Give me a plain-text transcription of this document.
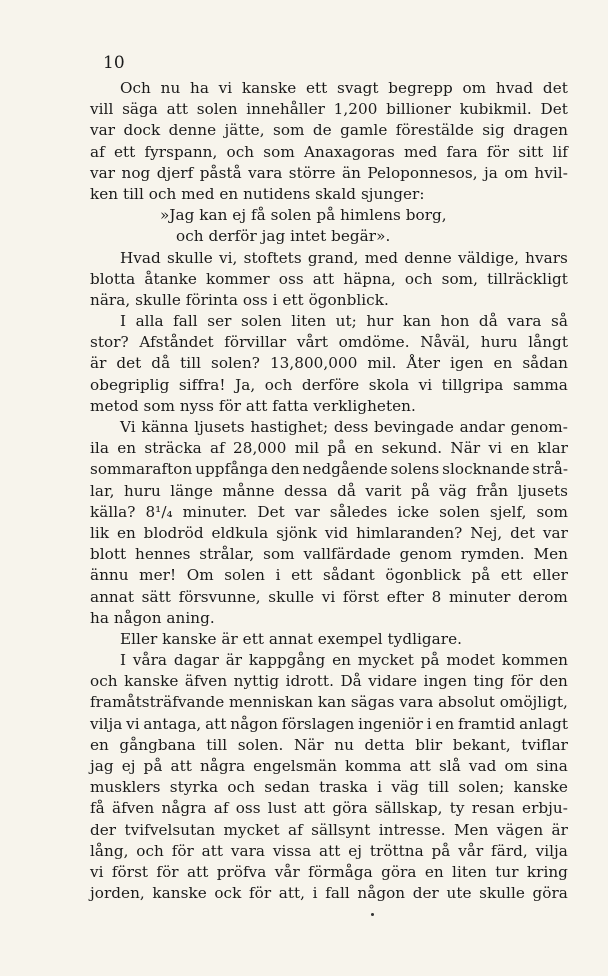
10
Och nu ha vi kanske ett svagt begrepp om hvad det
vill säga att solen innehåller 1,200 billioner kubikmil. Det
var dock denne jätte, som de gamle förestälde sig dragen
af ett fyrspann, och som Anaxagoras med fara för sitt lif
var nog djerf påstå vara större än Peloponnesos, ja om hvil-
ken till och med en nutidens skald sjunger:
»Jag kan ej få solen på himlens borg,
och derför jag intet begär».
Hvad skulle vi, stoftets grand, med denne väldige, hvars
blotta åtanke kommer oss att häpna, och som, tillräckligt
nära, skulle förinta oss i ett ögonblick.
I alla fall ser solen liten ut; hur kan hon då vara så
stor? Afståndet förvillar vårt omdöme. Nåväl, huru långt
är det då till solen? 13,800,000 mil. Åter igen en sådan
obegriplig siffra! Ja, och derföre skola vi tillgripa samma
metod som nyss för att fatta verkligheten.
Vi känna ljusets hastighet; dess bevingade andar genom-
ila en sträcka af 28,000 mil på en sekund. När vi en klar
sommarafton uppfånga den nedgående solens slocknande strå-
lar, huru länge månne dessa då varit på väg från ljusets
källa? 8¹/₄ minuter. Det var således icke solen sjelf, som
lik en blodröd eldkula sjönk vid himlaranden? Nej, det var
blott hennes strålar, som vallfärdade genom rymden. Men
ännu mer! Om solen i ett sådant ögonblick på ett eller
annat sätt försvunne, skulle vi först efter 8 minuter derom
ha någon aning.
Eller kanske är ett annat exempel tydligare.
I våra dagar är kappgång en mycket på modet kommen
och kanske äfven nyttig idrott. Då vidare ingen ting för den
framåtsträfvande menniskan kan sägas vara absolut omöjligt,
vilja vi antaga, att någon förslagen ingeniör i en framtid anlagt
en gångbana till solen. När nu detta blir bekant, tviflar
jag ej på att några engelsmän komma att slå vad om sina
musklers styrka och sedan traska i väg till solen; kanske
få äfven några af oss lust att göra sällskap, ty resan erbju-
der tvifvelsutan mycket af sällsynt intresse. Men vägen är
lång, och för att vara vissa att ej tröttna på vår färd, vilja
vi först för att pröfva vår förmåga göra en liten tur kring
jorden, kanske ock för att, i fall någon der ute skulle göra
